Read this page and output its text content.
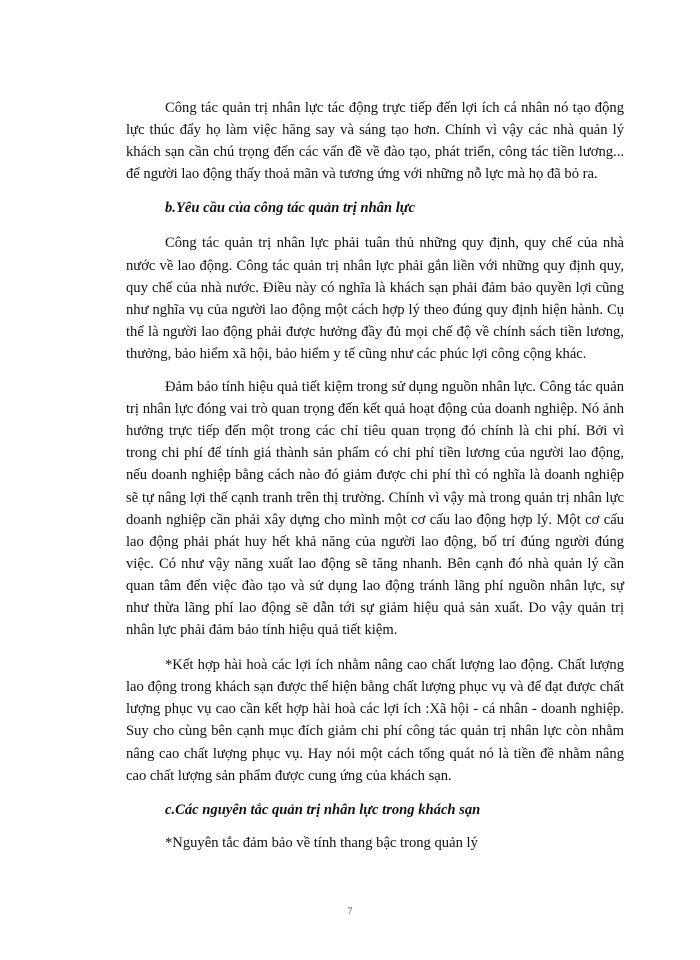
Công tác quản trị nhân lực tác động trực tiếp đến lợi ích cá nhân nó tạo động lực thúc đẩy họ làm việc hăng say và sáng tạo hơn. Chính vì vậy các nhà quản lý khách sạn cần chú trọng đến các vấn đề về đào tạo, phát triển, công tác tiền lương... để người lao động thấy thoả mãn và tương ứng với những nỗ lực mà họ đã bỏ ra.

b.Yêu cầu của công tác quản trị nhân lực

Công tác quản trị nhân lực phải tuân thủ những quy định, quy chế của nhà nước về lao động. Công tác quản trị nhân lực phải gắn liền với những quy định quy, quy chế của nhà nước. Điều này có nghĩa là khách sạn phải đảm bảo quyền lợi cũng như nghĩa vụ của người lao động một cách hợp lý theo đúng quy định hiện hành. Cụ thể là người lao động phải được hưởng đầy đủ mọi chế độ về chính sách tiền lương, thưởng, bảo hiểm xã hội, bảo hiểm y tế cũng như các phúc lợi công cộng khác.

Đảm bảo tính hiệu quả tiết kiệm trong sử dụng nguồn nhân lực. Công tác quản trị nhân lực đóng vai trò quan trọng đến kết quả hoạt động của doanh nghiệp. Nó ảnh hưởng trực tiếp đến một trong các chỉ tiêu quan trọng đó chính là chi phí. Bởi vì trong chi phí để tính giá thành sản phẩm có chi phí tiền lương của người lao động, nếu doanh nghiệp bằng cách nào đó giảm được chi phí thì có nghĩa là doanh nghiệp sẽ tự nâng lợi thế cạnh tranh trên thị trường. Chính vì vậy mà trong quản trị nhân lực doanh nghiệp cần phải xây dựng cho mình một cơ cấu lao động hợp lý. Một cơ cấu lao động phải phát huy hết khả năng của người lao động, bố trí đúng người đúng việc. Có như vậy năng xuất lao động sẽ tăng nhanh. Bên cạnh đó nhà quản lý cần quan tâm đến việc đào tạo và sử dụng lao động tránh lãng phí nguồn nhân lực, sự như thừa lãng phí lao động sẽ dẫn tới sự giảm hiệu quả sản xuất. Do vậy quản trị nhân lực phải đảm bảo tính hiệu quả tiết kiệm.

*Kết hợp hài hoà các lợi ích nhằm nâng cao chất lượng lao động. Chất lượng lao động trong khách sạn được thể hiện bằng chất lượng phục vụ và để đạt được chất lượng phục vụ cao cần kết hợp hài hoà các lợi ích :Xã hội - cá nhân - doanh nghiệp. Suy cho cùng bên cạnh mục đích giảm chi phí công tác quản trị nhân lực còn nhằm nâng cao chất lượng phục vụ. Hay nói một cách tổng quát nó là tiền đề nhằm nâng cao chất lượng sản phẩm được cung ứng của khách sạn.

c.Các nguyên tắc quản trị nhân lực trong khách sạn

*Nguyên tắc đảm bảo về tính thang bậc trong quản lý

7
